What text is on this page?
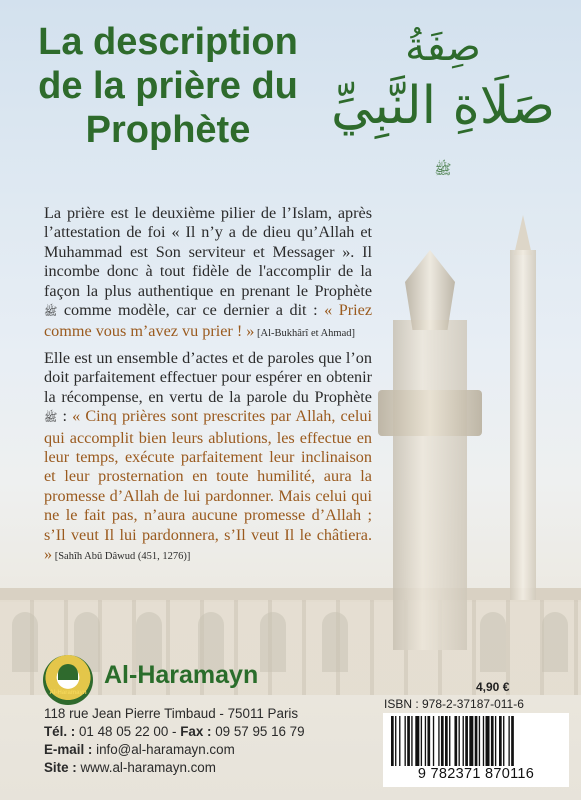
La description de la prière du Prophète
صِفَةُ
صَلَاةِ النَّبِيِّ $^ﷺ$
La prière est le deuxième pilier de l’Islam, après l’attestation de foi « Il n’y a de dieu qu’Allah et Muhammad est Son serviteur et Messager ». Il incombe donc à tout fidèle de l'accomplir de la façon la plus authentique en prenant le Prophète ﷺ comme modèle, car ce dernier a dit : « Priez comme vous m’avez vu prier ! » [Al-Bukhârî et Ahmad]
Elle est un ensemble d’actes et de paroles que l’on doit parfaitement effectuer pour espérer en obtenir la récompense, en vertu de la parole du Prophète ﷺ : « Cinq prières sont prescrites par Allah, celui qui accomplit bien leurs ablutions, les effectue en leur temps, exécute parfaitement leur inclinaison et leur prosternation en toute humilité, aura la promesse d’Allah de lui pardonner. Mais celui qui ne le fait pas, n’aura aucune promesse d’Allah ; s’Il veut Il lui pardonnera, s’Il veut Il le châtiera. » [Sahîh Abû Dâwud (451, 1276)]
Al-Haramayn
Al-Haramayn
118 rue Jean Pierre Timbaud - 75011 Paris
Tél. : 01 48 05 22 00 - Fax : 09 57 95 16 79
E-mail : info@al-haramayn.com
Site : www.al-haramayn.com
4,90 €
ISBN : 978-2-37187-011-6
9 782371 870116
